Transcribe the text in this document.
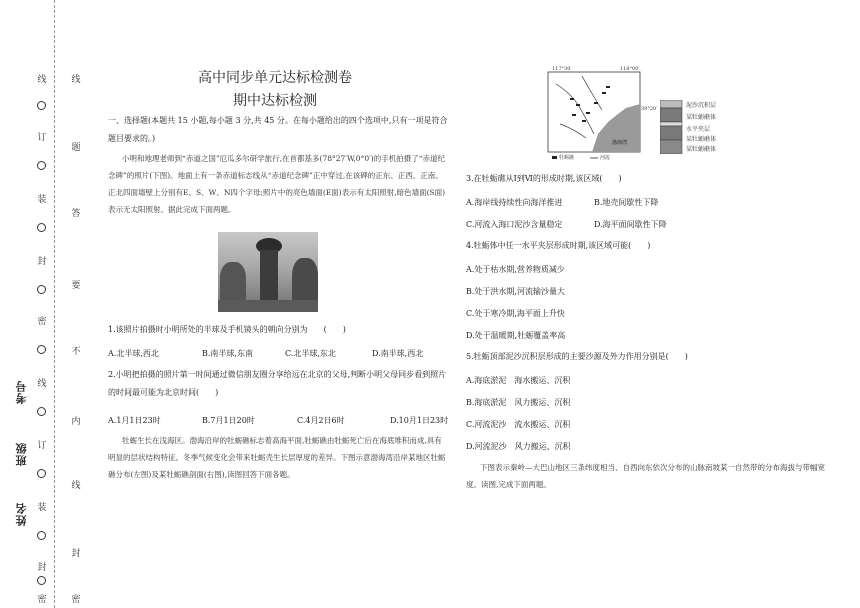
线
订
装
封
密
线
订
装
封
密
线
题
答
要
不
内
线
封
密
考号
班级
姓名
高中同步单元达标检测卷
期中达标检测
一、选择题(本题共 15 小题,每小题 3 分,共 45 分。在每小题给出的四个选项中,只有一项是符合题目要求的。)
小明和地理老师到“赤道之国”厄瓜多尔研学旅行,在首都基多(78°27′W,0°0′)的手机拍摄了“赤道纪念碑”的照片(下图)。地面上有一条赤道标志线从“赤道纪念碑”正中穿过,在该碑的正东、正西、正南、正北四面墙壁上分别有E、S、W、N四个字母;照片中的亮色墙面(E面)表示有太阳照射,暗色墙面(S面)表示无太阳照射。据此完成下面两题。
1.该照片拍摄时小明所处的半球及手机镜头的朝向分别为　　(　　)
A.北半球,西北	B.南半球,东南	C.北半球,东北	D.南半球,西北
2.小明把拍摄的照片第一时间通过微信朋友圈分享给远在北京的父母,判断小明父母同步看到照片的时间最可能为北京时间(　　)
A.1月1日23时	B.7月1日20时	C.4月2日6时	D.10月1日23时
牡蛎生长在浅海区。渤海沿岸的牡蛎礁标志着高海平面,牡蛎礁由牡蛎死亡后在海底堆积而成,具有明显的层状结构特征。冬季气候变化会带来牡蛎壳生长层厚度的差异。下图示意渤海湾沿岸某地区牡蛎礁分布(左图)及某牡蛎礁剖面(右图),读图回答下面各题。
117°30′	118°00′
39°20′
渤海湾
牡蛎礁	河流
泥沙沉积层
某牡蛎礁体
水平夹层
某牡蛎礁体
某牡蛎礁体
3.在牡蛎礁从Ⅰ到Ⅵ的形成时期,该区域(　　)
A.海岸线持续性向海洋推进	B.地壳间歇性下降
C.河流入海口泥沙含量稳定	D.海平面间歇性下降
4.牡蛎体中任一水平夹层形成时期,该区域可能(　　)
A.处于枯水期,营养物质减少
B.处于洪水期,河流输沙量大
C.处于寒冷期,海平面上升快
D.处于温暖期,牡蛎覆盖率高
5.牡蛎顶部泥沙沉积层形成的主要沙源及外力作用分别是(　　)
A.海底淤泥　海水搬运、沉积
B.海底淤泥　风力搬运、沉积
C.河流泥沙　流水搬运、沉积
D.河流泥沙　风力搬运、沉积
下图表示秦岭—大巴山地区三条纬度相当、自西向东依次分布的山脉南坡某一自然带的分布海拔与带幅宽度。读图,完成下面两题。
